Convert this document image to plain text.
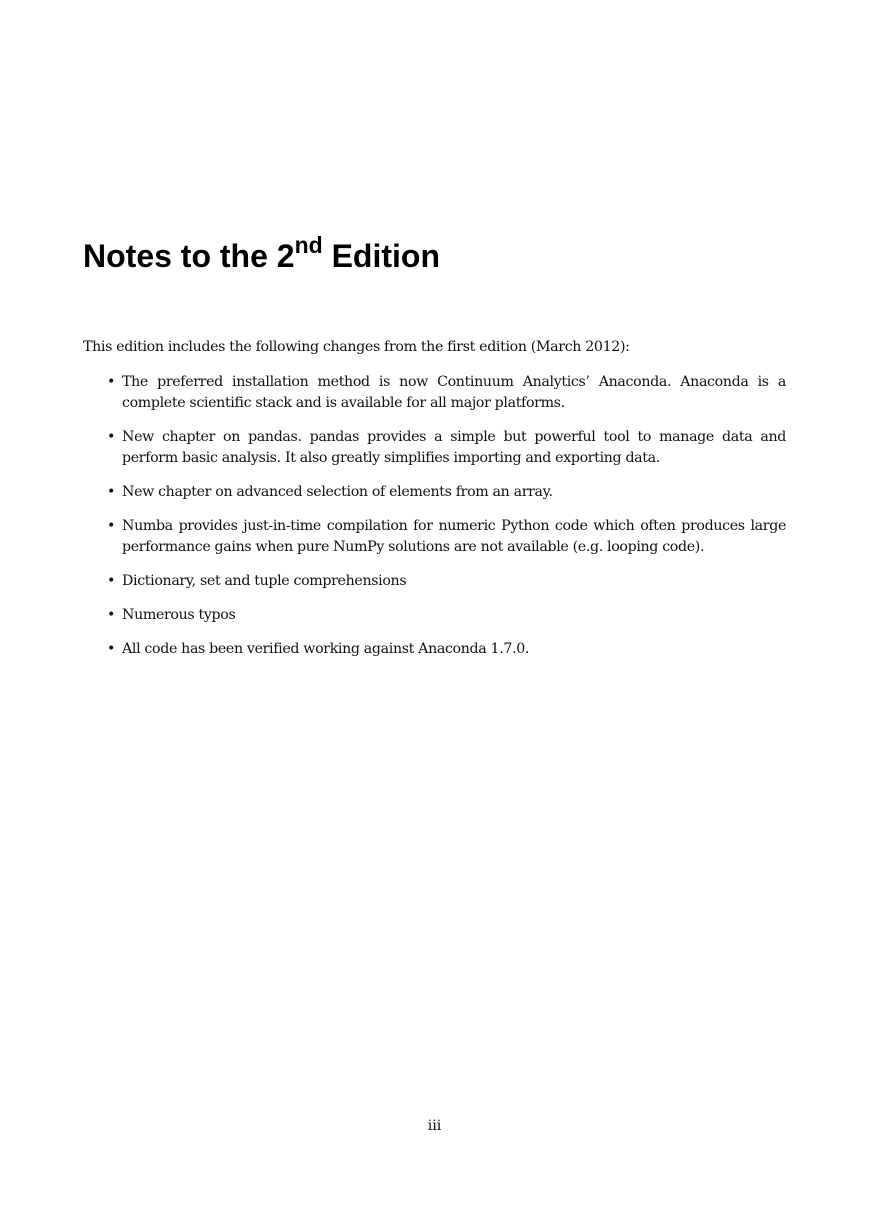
Notes to the 2nd Edition

This edition includes the following changes from the first edition (March 2012):

• The preferred installation method is now Continuum Analytics’ Anaconda. Anaconda is a complete scientific stack and is available for all major platforms.
• New chapter on pandas. pandas provides a simple but powerful tool to manage data and perform basic analysis. It also greatly simplifies importing and exporting data.
• New chapter on advanced selection of elements from an array.
• Numba provides just-in-time compilation for numeric Python code which often produces large performance gains when pure NumPy solutions are not available (e.g. looping code).
• Dictionary, set and tuple comprehensions
• Numerous typos
• All code has been verified working against Anaconda 1.7.0.

iii
